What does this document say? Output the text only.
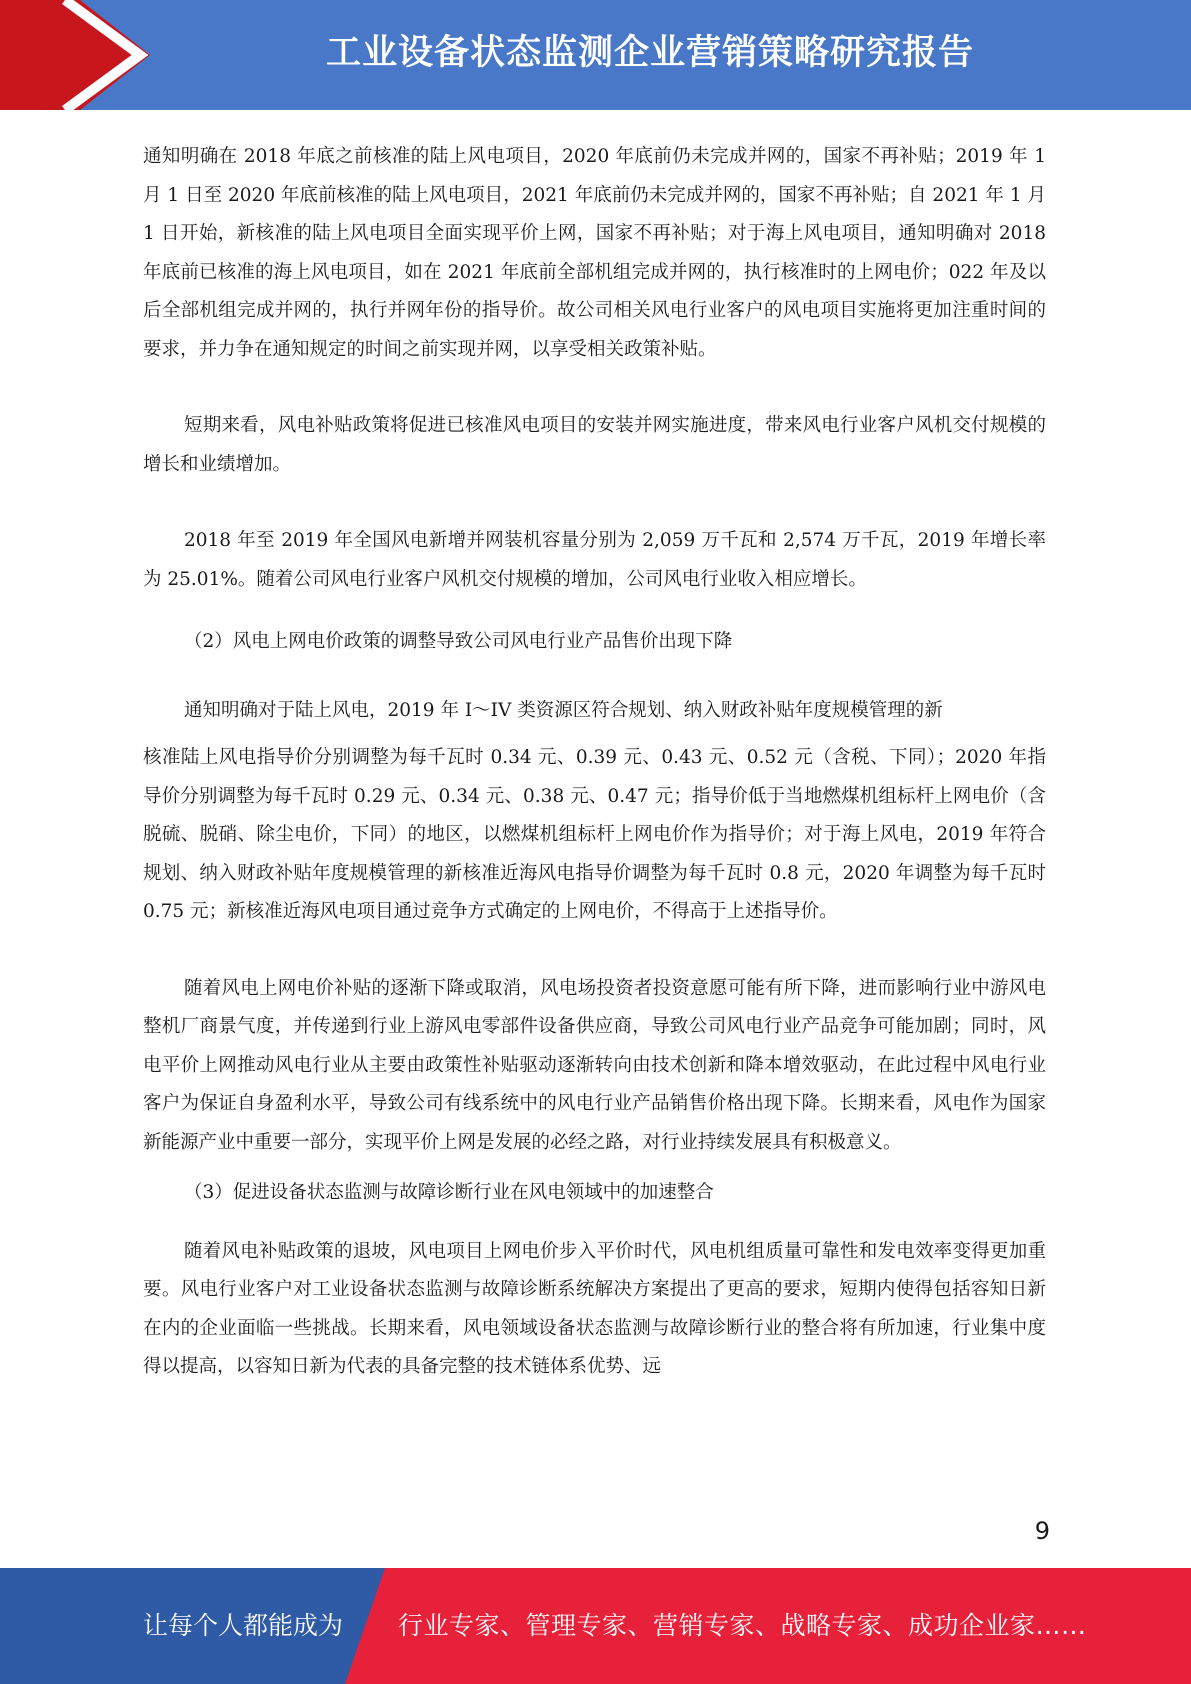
工业设备状态监测企业营销策略研究报告

通知明确在 2018 年底之前核准的陆上风电项目，2020 年底前仍未完成并网的，国家不再补贴；2019 年 1 月 1 日至 2020 年底前核准的陆上风电项目，2021 年底前仍未完成并网的，国家不再补贴；自 2021 年 1 月 1 日开始，新核准的陆上风电项目全面实现平价上网，国家不再补贴；对于海上风电项目，通知明确对 2018 年底前已核准的海上风电项目，如在 2021 年底前全部机组完成并网的，执行核准时的上网电价；022 年及以后全部机组完成并网的，执行并网年份的指导价。故公司相关风电行业客户的风电项目实施将更加注重时间的要求，并力争在通知规定的时间之前实现并网，以享受相关政策补贴。

短期来看，风电补贴政策将促进已核准风电项目的安装并网实施进度，带来风电行业客户风机交付规模的增长和业绩增加。

2018 年至 2019 年全国风电新增并网装机容量分别为 2,059 万千瓦和 2,574 万千瓦，2019 年增长率为 25.01%。随着公司风电行业客户风机交付规模的增加，公司风电行业收入相应增长。

（2）风电上网电价政策的调整导致公司风电行业产品售价出现下降

通知明确对于陆上风电，2019 年 I～IV 类资源区符合规划、纳入财政补贴年度规模管理的新

核准陆上风电指导价分别调整为每千瓦时 0.34 元、0.39 元、0.43 元、0.52 元（含税、下同）；2020 年指导价分别调整为每千瓦时 0.29 元、0.34 元、0.38 元、0.47 元；指导价低于当地燃煤机组标杆上网电价（含脱硫、脱硝、除尘电价，下同）的地区，以燃煤机组标杆上网电价作为指导价；对于海上风电，2019 年符合规划、纳入财政补贴年度规模管理的新核准近海风电指导价调整为每千瓦时 0.8 元，2020 年调整为每千瓦时 0.75 元；新核准近海风电项目通过竞争方式确定的上网电价，不得高于上述指导价。

随着风电上网电价补贴的逐渐下降或取消，风电场投资者投资意愿可能有所下降，进而影响行业中游风电整机厂商景气度，并传递到行业上游风电零部件设备供应商，导致公司风电行业产品竞争可能加剧；同时，风电平价上网推动风电行业从主要由政策性补贴驱动逐渐转向由技术创新和降本增效驱动，在此过程中风电行业客户为保证自身盈利水平，导致公司有线系统中的风电行业产品销售价格出现下降。长期来看，风电作为国家新能源产业中重要一部分，实现平价上网是发展的必经之路，对行业持续发展具有积极意义。

（3）促进设备状态监测与故障诊断行业在风电领域中的加速整合

随着风电补贴政策的退坡，风电项目上网电价步入平价时代，风电机组质量可靠性和发电效率变得更加重要。风电行业客户对工业设备状态监测与故障诊断系统解决方案提出了更高的要求，短期内使得包括容知日新在内的企业面临一些挑战。长期来看，风电领域设备状态监测与故障诊断行业的整合将有所加速，行业集中度得以提高，以容知日新为代表的具备完整的技术链体系优势、远

9
让每个人都能成为 行业专家、管理专家、营销专家、战略专家、成功企业家……
